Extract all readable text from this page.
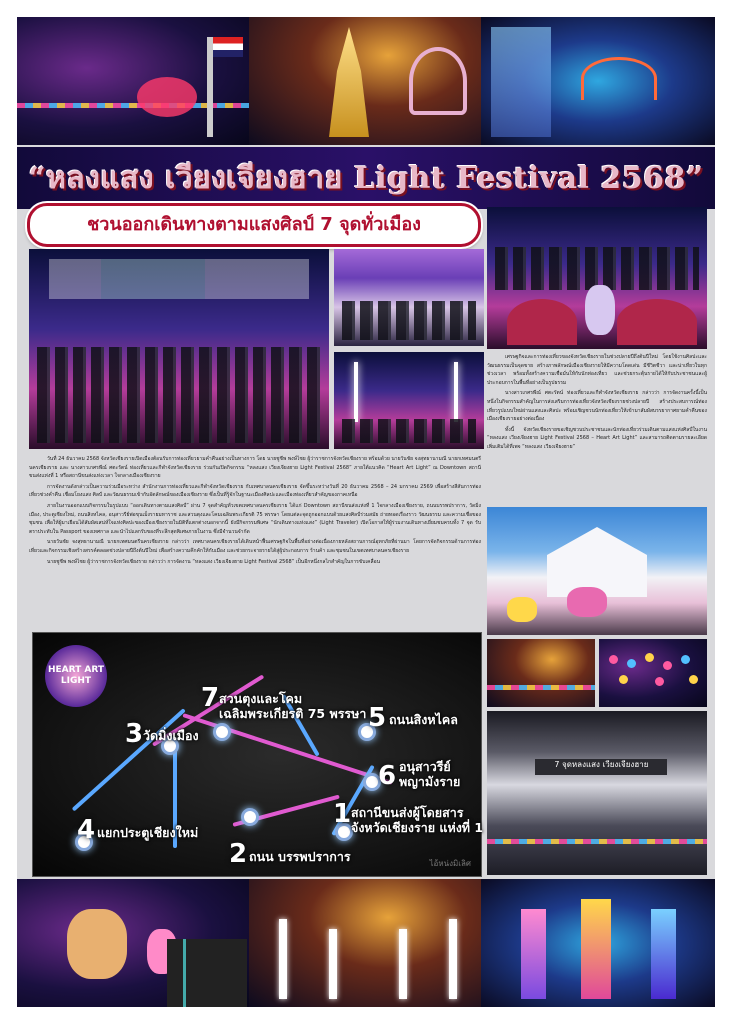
“หลงแสง เวียงเจียงฮาย Light Festival 2568”
ชวนออกเดินทางตามแสงศิลป์ 7 จุดทั่วเมือง

วันที่ 24 ธันวาคม 2568 จังหวัดเชียงรายเปิดเมืองต้อนรับการท่องเที่ยวยามค่ำคืนอย่างเป็นทางการ โดย นายชูชีพ พงษ์ไชย ผู้ว่าราชการจังหวัดเชียงราย พร้อมด้วย นายวันชัย จงสุทธานามณี นายกเทศมนตรีนครเชียงราย และ นางสาวเกศรพีณ์ ศตะรัตน์ ท่องเที่ยวและกีฬาจังหวัดเชียงราย ร่วมกันเปิดกิจกรรม “หลงแสง เวียงเจียงฮาย Light Festival 2568” ภายใต้แนวคิด “Heart Art Light” ณ Downtown สถานีขนส่งแห่งที่ 1 หรือสถานีขนส่งแห่งเวลา ใจกลางเมืองเชียงราย

การจัดงานดังกล่าวเป็นความร่วมมือระหว่าง สำนักงานการท่องเที่ยวและกีฬาจังหวัดเชียงราย กับเทศบาลนครเชียงราย จัดขึ้นระหว่างวันที่ 20 ธันวาคม 2568 – 24 มกราคม 2569 เพื่อสร้างสีสันการท่องเที่ยวช่วงค่ำคืน เชื่อมโยงแสง ศิลป์ และวัฒนธรรมเข้ากับอัตลักษณ์ของเมืองเชียงราย ซึ่งเป็นที่รู้จักในฐานะเมืองศิลปะและเมืองท่องเที่ยวสำคัญของภาคเหนือ

ภายในงานออกแบบกิจกรรมในรูปแบบ “ออกเดินทางตามแสงศิลป์” ผ่าน 7 จุดสำคัญทั่วเขตเทศบาลนครเชียงราย ได้แก่ Downtown สถานีขนส่งแห่งที่ 1 ใจกลางเมืองเชียงราย, ถนนบรรพปราการ, วัดมิ่งเมือง, ประตูเชียงใหม่, ถนนสิงหไคล, อนุสาวรีย์พ่อขุนเม็งรายมหาราช และสวนตุงและโคมเฉลิมพระเกียรติ 75 พรรษา โดยแต่ละจุดถูกออกแบบด้วยแสงศิลป์ร่วมสมัย ถ่ายทอดเรื่องราว วัฒนธรรม และความเชื่อของชุมชน เพื่อให้ผู้มาเยือนได้สัมผัสเสน่ห์ใจแห่งศิลปะของเมืองเชียงรายในมิติที่แตกต่างนอกจากนี้ ยังมีกิจกรรมพิเศษ “นักเดินทางแห่งแสง” (Light Traveler) เปิดโอกาสให้ผู้ร่วมงานเดินทางเยี่ยมชมครบทั้ง 7 จุด รับตราประทับใน Passport ของเทศกาล และนำไปแลกรับของที่ระลึกสุดพิเศษภายในงาน ซึ่งมีจำนวนจำกัด

นายวันชัย จงสุทธานามณี นายกเทศมนตรีนครเชียงราย กล่าวว่า เทศบาลนครเชียงรายได้เดินหน้าฟื้นเศรษฐกิจในพื้นที่อย่างต่อเนื่องภายหลังสถานการณ์อุทกภัยที่ผ่านมา โดยการจัดกิจกรรมด้านการท่องเที่ยวและกิจกรรมเชิงสร้างสรรค์ตลอดช่วงปลายปีถึงต้นปีใหม่ เพื่อสร้างความคึกคักให้กับเมือง และช่วยกระจายรายได้สู่ผู้ประกอบการ ร้านค้า และชุมชนในเขตเทศบาลนครเชียงราย

นายชูชีพ พงษ์ไชย ผู้ว่าราชการจังหวัดเชียงราย กล่าวว่า การจัดงาน “หลงแสง เวียงเจียงฮาย Light Festival 2568” เป็นอีกหนึ่งกลไกสำคัญในการขับเคลื่อน

เศรษฐกิจและการท่องเที่ยวของจังหวัดเชียงรายในช่วงปลายปีถึงต้นปีใหม่ โดยใช้งานศิลปะและวัฒนธรรมเป็นจุดขาย สร้างภาพลักษณ์เมืองเชียงรายให้มีความโดดเด่น มีชีวิตชีวา และน่าเที่ยวในทุกช่วงเวลา พร้อมทั้งสร้างความเชื่อมั่นให้กับนักท่องเที่ยว และช่วยกระตุ้นรายได้ให้กับประชาชนและผู้ประกอบการในพื้นที่อย่างเป็นรูปธรรม

นางสาวเกศรพีณ์ ศตะรัตน์ ท่องเที่ยวและกีฬาจังหวัดเชียงราย กล่าวว่า การจัดงานครั้งนี้เป็นหนึ่งในกิจกรรมสำคัญในการส่งเสริมการท่องเที่ยวจังหวัดเชียงรายช่วงปลายปี สร้างประสบการณ์ท่องเที่ยวรูปแบบใหม่ผ่านแสงและศิลปะ พร้อมเชิญชวนนักท่องเที่ยวให้เข้ามาสัมผัสบรรยากาศยามค่ำคืนของเมืองเชียงรายอย่างต่อเนื่อง

ทั้งนี้ จังหวัดเชียงรายขอเชิญชวนประชาชนและนักท่องเที่ยวร่วมเดินตามแสงแห่งศิลป์ในงาน “หลงแสง เวียงเจียงฮาย Light Festival 2568 – Heart Art Light” และสามารถติดตามรายละเอียดเพิ่มเติมได้ที่เพจ “หลงแสง เวียงเจียงฮาย”

HEART ART LIGHT
7 สวนตุงและโคม
เฉลิมพระเกียรติ 75 พรรษา 5 ถนนสิงหไคล
3 วัดมิ่งเมือง
6 อนุสาวรีย์
พญามังราย
1 สถานีขนส่งผู้โดยสาร
จังหวัดเชียงราย แห่งที่ 1
4 แยกประตูเชียงใหม่
2 ถนน บรรพปราการ	ไอ้หน่งมิเลิศ
7 จุดหลงแสง เวียงเจียงฮาย
